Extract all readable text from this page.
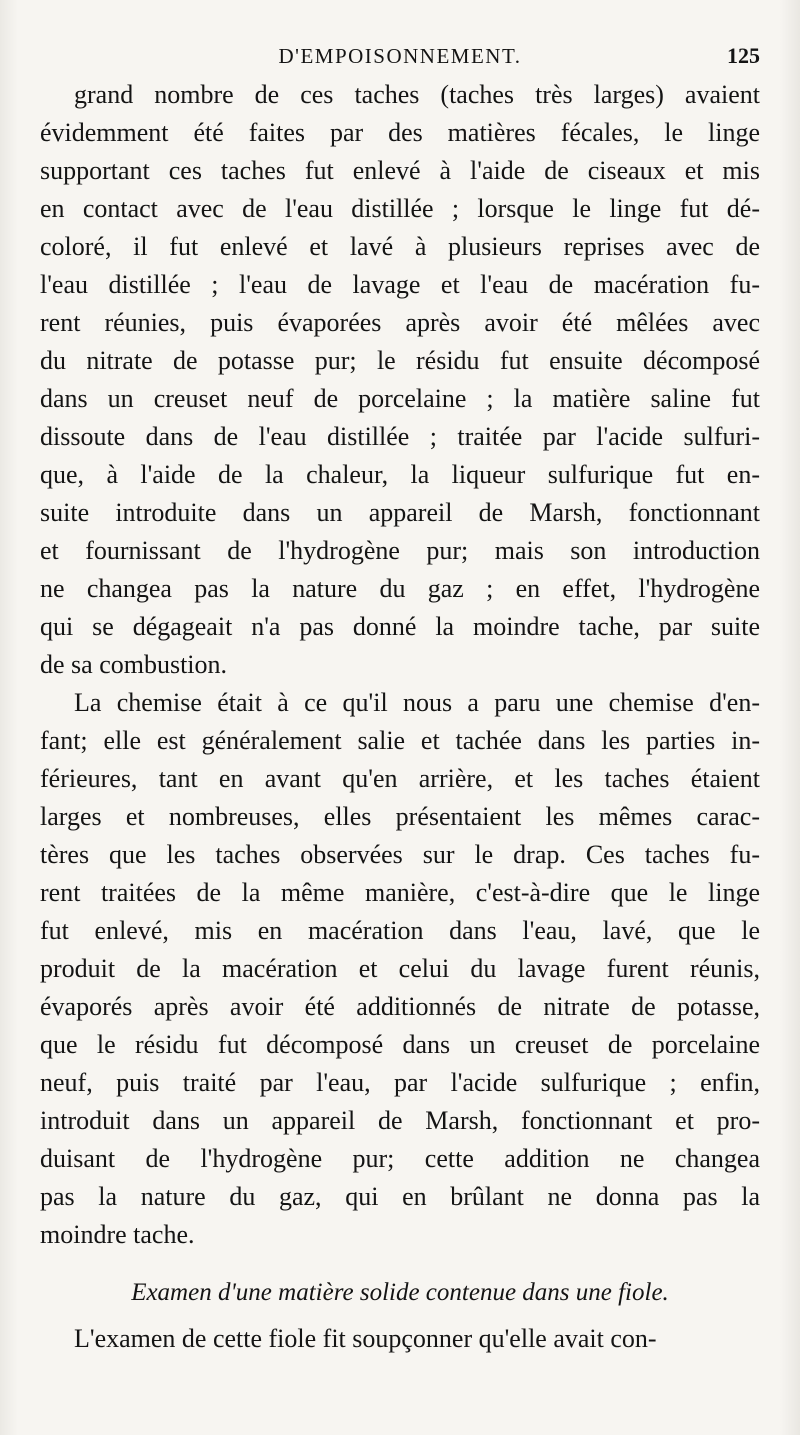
D'EMPOISONNEMENT.	125
grand nombre de ces taches (taches très larges) avaient
évidemment été faites par des matières fécales, le linge
supportant ces taches fut enlevé à l'aide de ciseaux et mis
en contact avec de l'eau distillée ; lorsque le linge fut dé-
coloré, il fut enlevé et lavé à plusieurs reprises avec de
l'eau distillée ; l'eau de lavage et l'eau de macération fu-
rent réunies, puis évaporées après avoir été mêlées avec
du nitrate de potasse pur; le résidu fut ensuite décomposé
dans un creuset neuf de porcelaine ; la matière saline fut
dissoute dans de l'eau distillée ; traitée par l'acide sulfuri-
que, à l'aide de la chaleur, la liqueur sulfurique fut en-
suite introduite dans un appareil de Marsh, fonctionnant
et fournissant de l'hydrogène pur; mais son introduction
ne changea pas la nature du gaz ; en effet, l'hydrogène
qui se dégageait n'a pas donné la moindre tache, par suite
de sa combustion.
La chemise était à ce qu'il nous a paru une chemise d'en-
fant; elle est généralement salie et tachée dans les parties in-
férieures, tant en avant qu'en arrière, et les taches étaient
larges et nombreuses, elles présentaient les mêmes carac-
tères que les taches observées sur le drap. Ces taches fu-
rent traitées de la même manière, c'est-à-dire que le linge
fut enlevé, mis en macération dans l'eau, lavé, que le
produit de la macération et celui du lavage furent réunis,
évaporés après avoir été additionnés de nitrate de potasse,
que le résidu fut décomposé dans un creuset de porcelaine
neuf, puis traité par l'eau, par l'acide sulfurique ; enfin,
introduit dans un appareil de Marsh, fonctionnant et pro-
duisant de l'hydrogène pur; cette addition ne changea
pas la nature du gaz, qui en brûlant ne donna pas la
moindre tache.
Examen d'une matière solide contenue dans une fiole.
L'examen de cette fiole fit soupçonner qu'elle avait con-
